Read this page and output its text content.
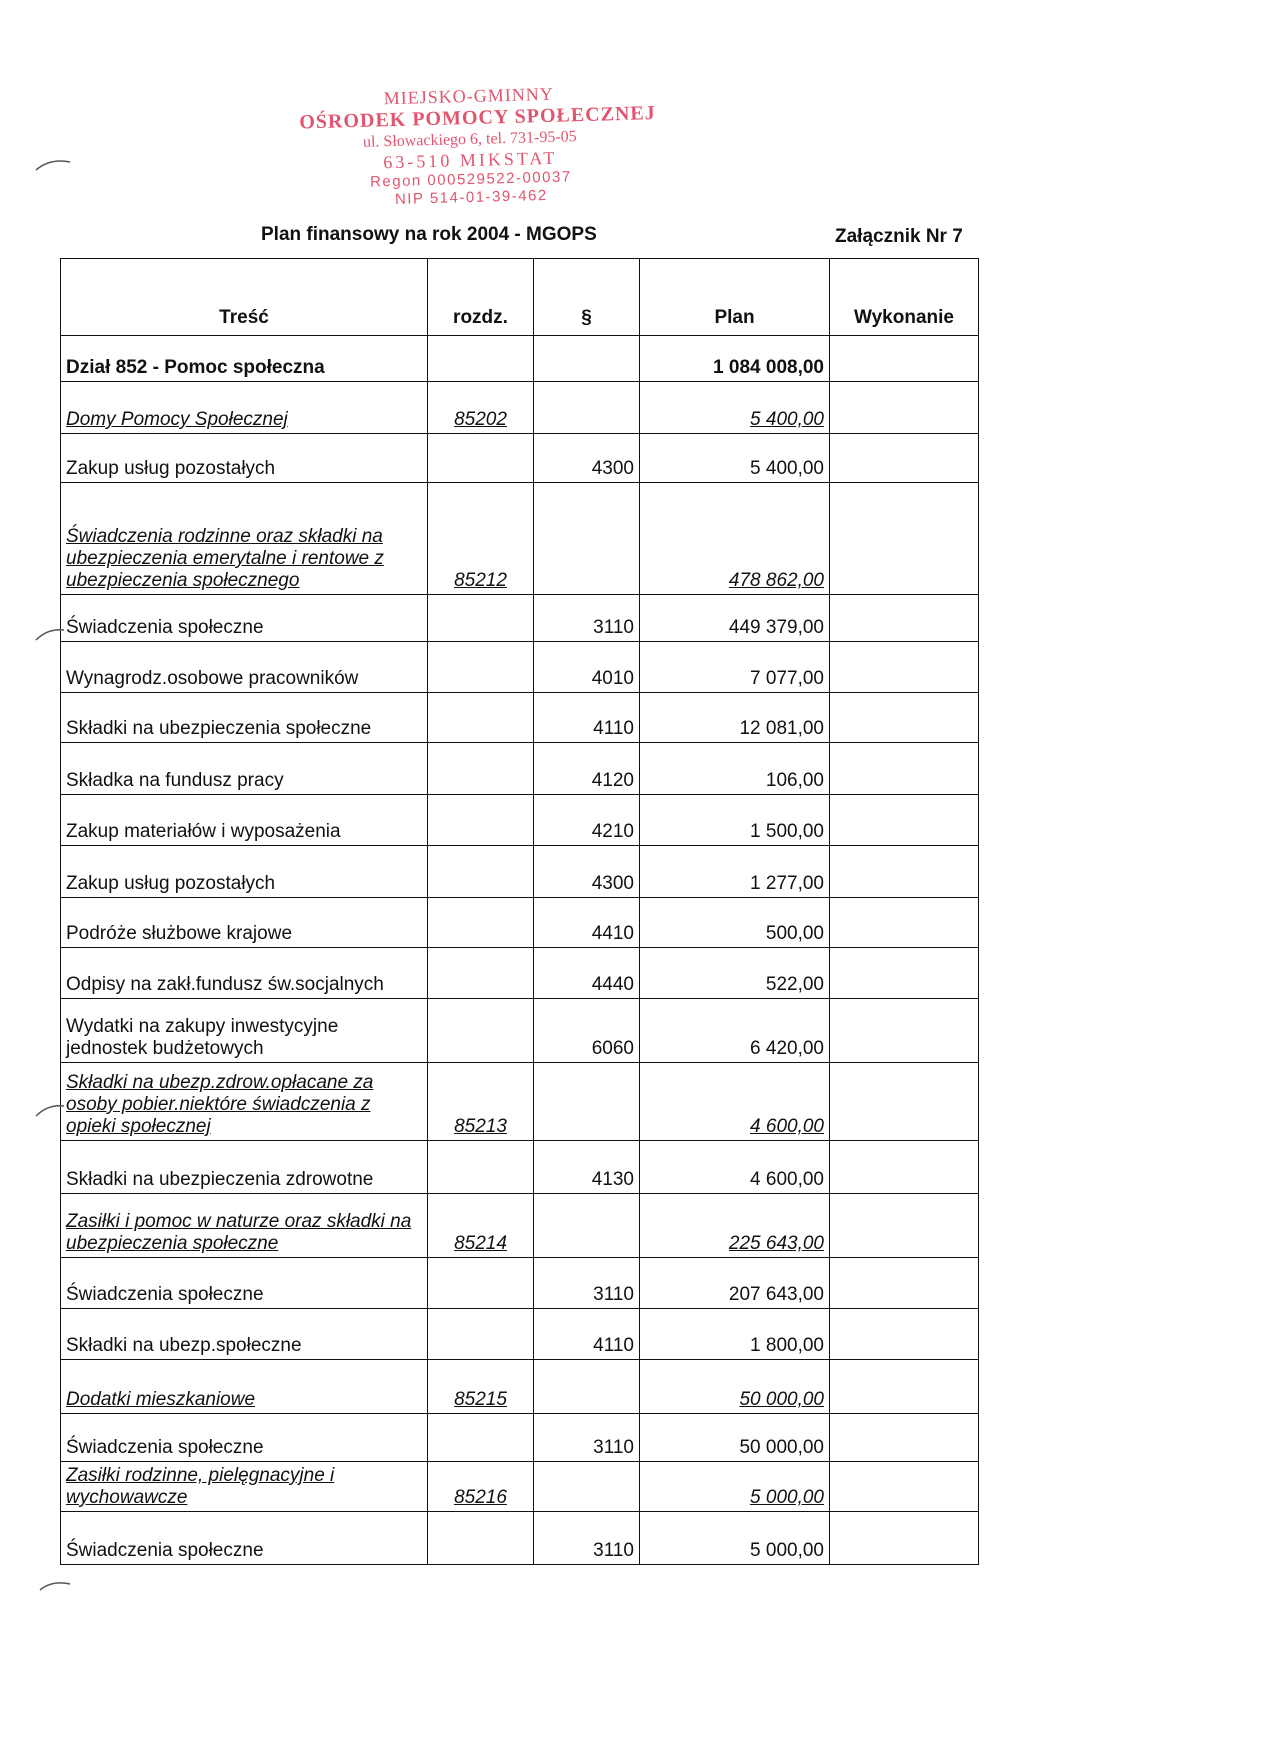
MIEJSKO-GMINNY
OŚRODEK POMOCY SPOŁECZNEJ
ul. Słowackiego 6, tel. 731-95-05
63-510 MIKSTAT
Regon 000529522-00037
NIP 514-01-39-462
Plan finansowy na rok 2004 - MGOPS	Załącznik Nr 7
Treść	rozdz.	§	Plan	Wykonanie
Dział 852 - Pomoc społeczna			1 084 008,00	
Domy Pomocy Społecznej	85202		5 400,00	
Zakup usług pozostałych		4300	5 400,00	
Świadczenia rodzinne oraz składki na ubezpieczenia emerytalne i rentowe z ubezpieczenia społecznego	85212		478 862,00	
Świadczenia społeczne		3110	449 379,00	
Wynagrodz.osobowe pracowników		4010	7 077,00	
Składki na ubezpieczenia społeczne		4110	12 081,00	
Składka na fundusz pracy		4120	106,00	
Zakup materiałów i wyposażenia		4210	1 500,00	
Zakup usług pozostałych		4300	1 277,00	
Podróże służbowe krajowe		4410	500,00	
Odpisy na zakł.fundusz św.socjalnych		4440	522,00	
Wydatki na zakupy inwestycyjne jednostek budżetowych		6060	6 420,00	
Składki na ubezp.zdrow.opłacane za osoby pobier.niektóre świadczenia z opieki społecznej	85213		4 600,00	
Składki na ubezpieczenia zdrowotne		4130	4 600,00	
Zasiłki i pomoc w naturze oraz składki na ubezpieczenia społeczne	85214		225 643,00	
Świadczenia społeczne		3110	207 643,00	
Składki na ubezp.społeczne		4110	1 800,00	
Dodatki mieszkaniowe	85215		50 000,00	
Świadczenia społeczne		3110	50 000,00	
Zasiłki rodzinne, pielęgnacyjne i wychowawcze	85216		5 000,00	
Świadczenia społeczne		3110	5 000,00	
